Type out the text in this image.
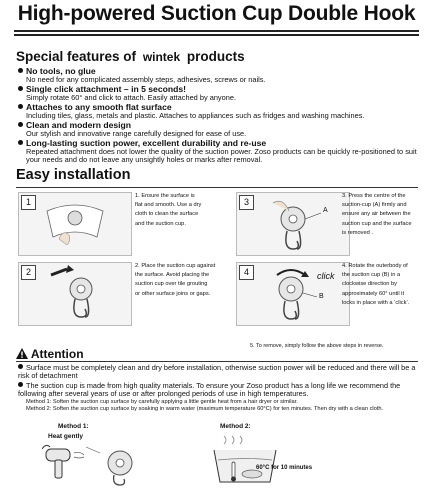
High-powered Suction Cup Double Hook
Special features of wintek products
No tools, no glue
No need for any complicated assembly steps, adhesives, screws or nails.
Single click attachment – in 5 seconds!
Simply rotate 60° and click to attach. Easily attached by anyone.
Attaches to any smooth flat surface
Including tiles, glass, metals and plastic. Attaches to appliances such as fridges and washing machines.
Clean and modern design
Our stylish and innovative range carefully designed for ease of use.
Long-lasting suction power, excellent durability and re-use
Repeated attachment does not lower the quality of the suction power. Zoso products can be quickly re-positioned to suit your needs and do not leave any unsightly holes or marks after removal.
Easy installation
1
1. Ensure the surface is
flat and smooth. Use a dry
cloth to clean the surface
and the suction cup.
2
2. Place the suction cup against
the surface. Avoid placing the
suction cup over tile grouting
or other surface joins or gaps.
A
3
3. Press the centre of the
suction-cup (A) firmly and
ensure any air between the
suction cup and the surface
is removed .
click
B
4
4. Rotate the outerbody of
the suction cup (B) in a
clockwise direction by
approximately 60° until it
locks in place with a ‘click’.
5. To remove, simply follow the above steps in reverse.
Attention
Surface must be completely clean and dry before installation, otherwise suction power will be reduced and there will be a risk of detachment
The suction cup is made from high quality materials. To ensure your Zoso product has a long life we recommend the following after several years of use or after prolonged periods of use in high temperatures.
Method 1: Soften the suction cup surface by carefully applying a little gentle heat from a hair dryer or similar.
Method 2: Soften the suction cup surface by soaking in warm water (maximum temperature 60°C) for ten minutes. Then dry with a clean cloth.
Method 1:
Heat gently
Method 2:
60°C for 10 minutes
